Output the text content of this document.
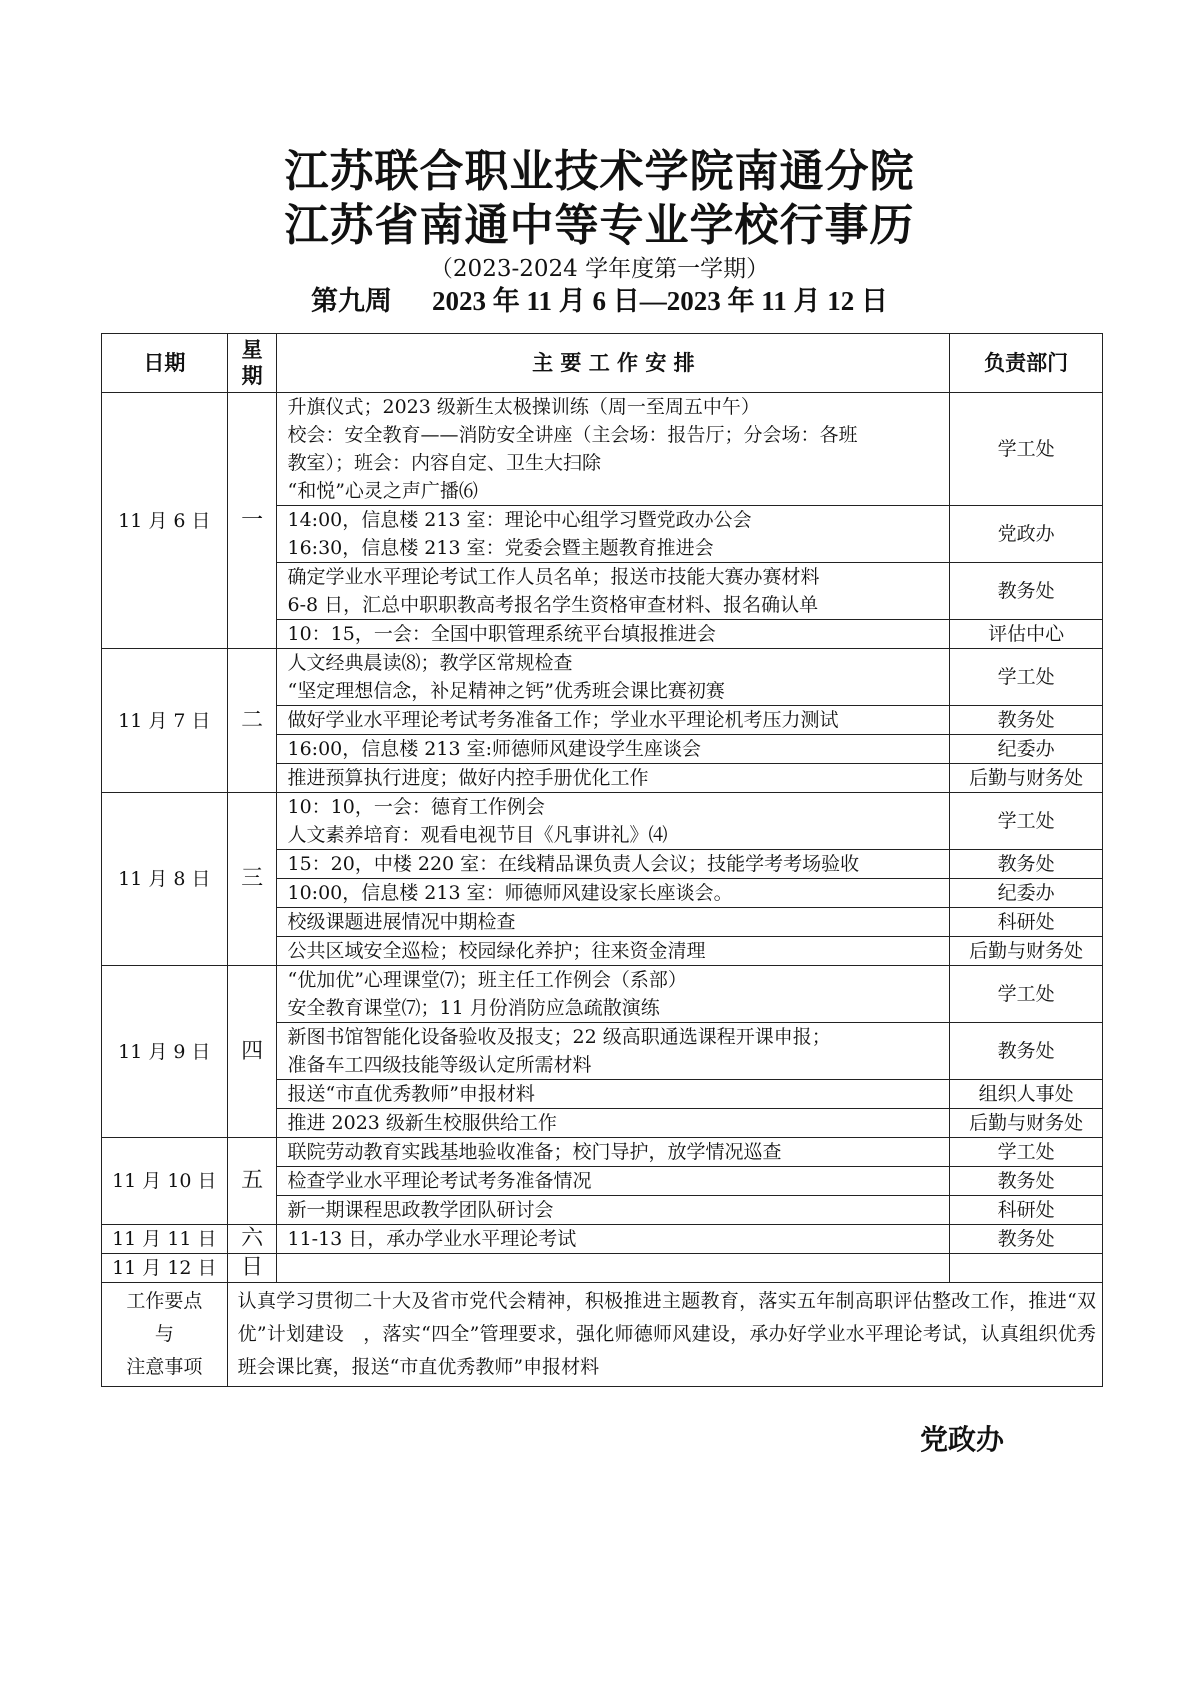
江苏联合职业技术学院南通分院
江苏省南通中等专业学校行事历
（2023-2024 学年度第一学期）
第九周 2023 年 11 月 6 日—2023 年 11 月 12 日
日期	星
期	主 要 工 作 安 排	负责部门
11 月 6 日	一	升旗仪式；2023 级新生太极操训练（周一至周五中午）	学工处
		校会：安全教育——消防安全讲座（主会场：报告厅；分会场：各班	
		教室）；班会：内容自定、卫生大扫除	
		“和悦”心灵之声广播⑹	
		14:00，信息楼 213 室：理论中心组学习暨党政办公会	党政办
		16:30，信息楼 213 室：党委会暨主题教育推进会	
		确定学业水平理论考试工作人员名单；报送市技能大赛办赛材料	教务处
		6-8 日，汇总中职职教高考报名学生资格审查材料、报名确认单	
		10：15，一会：全国中职管理系统平台填报推进会	评估中心
11 月 7 日	二	人文经典晨读⑻；教学区常规检查	学工处
		“坚定理想信念，补足精神之钙”优秀班会课比赛初赛	
		做好学业水平理论考试考务准备工作；学业水平理论机考压力测试	教务处
		16:00，信息楼 213 室:师德师风建设学生座谈会	纪委办
		推进预算执行进度；做好内控手册优化工作	后勤与财务处
11 月 8 日	三	10：10，一会：德育工作例会	学工处
		人文素养培育：观看电视节目《凡事讲礼》⑷	
		15：20，中楼 220 室：在线精品课负责人会议；技能学考考场验收	教务处
		10:00，信息楼 213 室：师德师风建设家长座谈会。	纪委办
		校级课题进展情况中期检查	科研处
		公共区域安全巡检；校园绿化养护；往来资金清理	后勤与财务处
11 月 9 日	四	“优加优”心理课堂⑺；班主任工作例会（系部）	学工处
		安全教育课堂⑺；11 月份消防应急疏散演练	
		新图书馆智能化设备验收及报支；22 级高职通选课程开课申报；	教务处
		准备车工四级技能等级认定所需材料	
		报送“市直优秀教师”申报材料	组织人事处
		推进 2023 级新生校服供给工作	后勤与财务处
11 月 10 日	五	联院劳动教育实践基地验收准备；校门导护，放学情况巡查	学工处
		检查学业水平理论考试考务准备情况	教务处
		新一期课程思政教学团队研讨会	科研处
11 月 11 日	六	11-13 日，承办学业水平理论考试	教务处
11 月 12 日	日		

工作要点
与
注意事项	认真学习贯彻二十大及省市党代会精神，积极推进主题教育，落实五年制高职评估整改工作，推进“双优”计划建设　，落实“四全”管理要求，强化师德师风建设，承办好学业水平理论考试，认真组织优秀班会课比赛，报送“市直优秀教师”申报材料		
党政办
